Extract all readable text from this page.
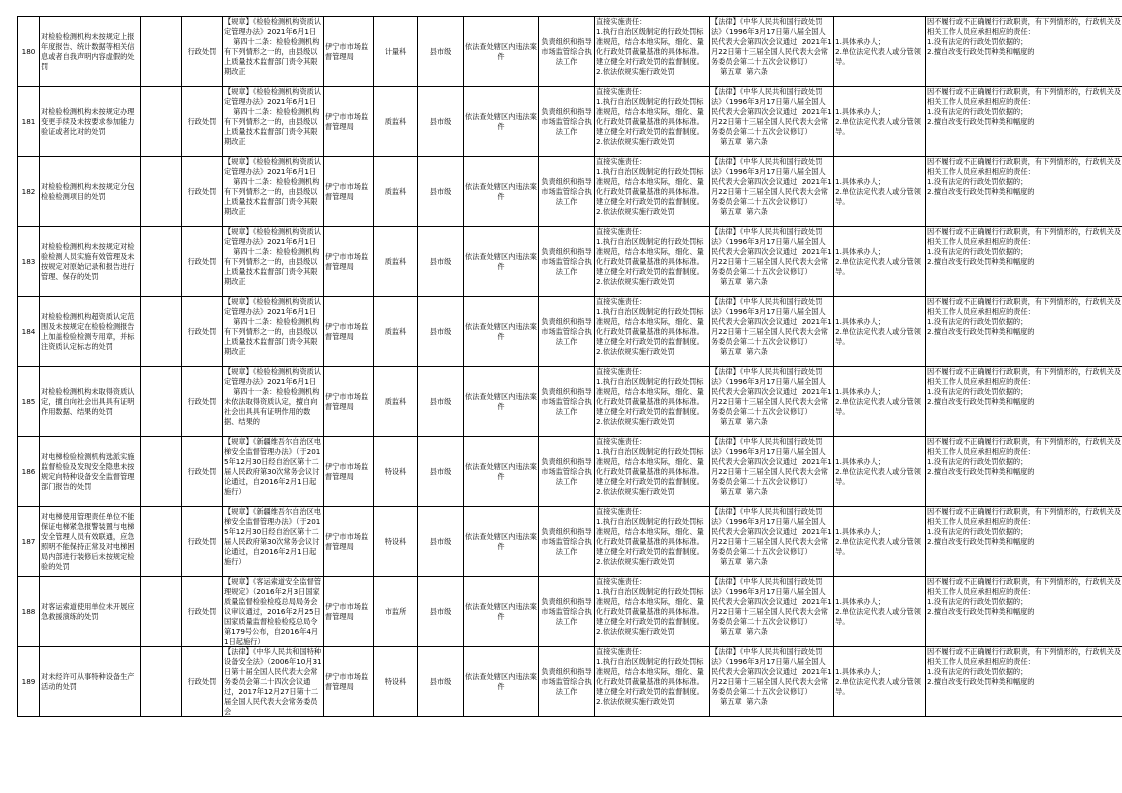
180	对检验检测机构未按规定上报年度报告、统计数据等相关信息或者自我声明内容虚假的处罚		行政处罚	【规章】《检验检测机构资质认定管理办法》2021年6月1日
第四十二条：检验检测机构有下列情形之一的，由县级以上质量技术监督部门责令其限期改正	伊宁市市场监督管理局	计量科	县市级	依法查处辖区内违法案件	负责组织和指导市场监管综合执法工作	直接实施责任：
1.执行自治区级制定的行政处罚标准规范，结合本地实际，细化、量化行政处罚裁量基准的具体标准。建立健全对行政处罚的监督制度。
2.依法依规实施行政处罚	【法律】《中华人民共和国行政处罚法》（1996年3月17日第八届全国人民代表大会第四次会议通过  2021年1月22日第十三届全国人民代表大会常务委员会第二十五次会议修订）
第五章  第六条	1.具体承办人；
2.单位法定代表人或分管领导。	因不履行或不正确履行行政职责，有下列情形的，行政机关及相关工作人员应承担相应的责任：
1.没有法定的行政处罚依据的；
2.擅自改变行政处罚种类和幅度的

181	对检验检测机构未按规定办理变更手续及未按要求参加能力验证或者比对的处罚		行政处罚	【规章】《检验检测机构资质认定管理办法》2021年6月1日
第四十二条：检验检测机构有下列情形之一的，由县级以上质量技术监督部门责令其限期改正	伊宁市市场监督管理局	质监科	县市级	依法查处辖区内违法案件	负责组织和指导市场监管综合执法工作	直接实施责任：
1.执行自治区级制定的行政处罚标准规范，结合本地实际，细化、量化行政处罚裁量基准的具体标准。建立健全对行政处罚的监督制度。
2.依法依规实施行政处罚	【法律】《中华人民共和国行政处罚法》（1996年3月17日第八届全国人民代表大会第四次会议通过  2021年1月22日第十三届全国人民代表大会常务委员会第二十五次会议修订）
第五章  第六条	1.具体承办人；
2.单位法定代表人或分管领导。	因不履行或不正确履行行政职责，有下列情形的，行政机关及相关工作人员应承担相应的责任：
1.没有法定的行政处罚依据的；
2.擅自改变行政处罚种类和幅度的

182	对检验检测机构未按规定分包检验检测项目的处罚		行政处罚	【规章】《检验检测机构资质认定管理办法》2021年6月1日
第四十二条：检验检测机构有下列情形之一的，由县级以上质量技术监督部门责令其限期改正	伊宁市市场监督管理局	质监科	县市级	依法查处辖区内违法案件	负责组织和指导市场监管综合执法工作	直接实施责任：
1.执行自治区级制定的行政处罚标准规范，结合本地实际，细化、量化行政处罚裁量基准的具体标准。建立健全对行政处罚的监督制度。
2.依法依规实施行政处罚	【法律】《中华人民共和国行政处罚法》（1996年3月17日第八届全国人民代表大会第四次会议通过  2021年1月22日第十三届全国人民代表大会常务委员会第二十五次会议修订）
第五章  第六条	1.具体承办人；
2.单位法定代表人或分管领导。	因不履行或不正确履行行政职责，有下列情形的，行政机关及相关工作人员应承担相应的责任：
1.没有法定的行政处罚依据的；
2.擅自改变行政处罚种类和幅度的

183	对检验检测机构未按规定对检验检测人员实施有效管理及未按规定对原始记录和报告进行管理、保存的处罚		行政处罚	【规章】《检验检测机构资质认定管理办法》2021年6月1日
第四十二条：检验检测机构有下列情形之一的，由县级以上质量技术监督部门责令其限期改正	伊宁市市场监督管理局	质监科	县市级	依法查处辖区内违法案件	负责组织和指导市场监管综合执法工作	直接实施责任：
1.执行自治区级制定的行政处罚标准规范，结合本地实际，细化、量化行政处罚裁量基准的具体标准。建立健全对行政处罚的监督制度。
2.依法依规实施行政处罚	【法律】《中华人民共和国行政处罚法》（1996年3月17日第八届全国人民代表大会第四次会议通过  2021年1月22日第十三届全国人民代表大会常务委员会第二十五次会议修订）
第五章  第六条	1.具体承办人；
2.单位法定代表人或分管领导。	因不履行或不正确履行行政职责，有下列情形的，行政机关及相关工作人员应承担相应的责任：
1.没有法定的行政处罚依据的；
2.擅自改变行政处罚种类和幅度的

184	对检验检测机构超资质认定范围及未按规定在检验检测报告上加盖检验检测专用章，并标注资质认定标志的处罚		行政处罚	【规章】《检验检测机构资质认定管理办法》2021年6月1日
第四十二条：检验检测机构有下列情形之一的，由县级以上质量技术监督部门责令其限期改正	伊宁市市场监督管理局	质监科	县市级	依法查处辖区内违法案件	负责组织和指导市场监管综合执法工作	直接实施责任：
1.执行自治区级制定的行政处罚标准规范，结合本地实际，细化、量化行政处罚裁量基准的具体标准。建立健全对行政处罚的监督制度。
2.依法依规实施行政处罚	【法律】《中华人民共和国行政处罚法》（1996年3月17日第八届全国人民代表大会第四次会议通过  2021年1月22日第十三届全国人民代表大会常务委员会第二十五次会议修订）
第五章  第六条	1.具体承办人；
2.单位法定代表人或分管领导。	因不履行或不正确履行行政职责，有下列情形的，行政机关及相关工作人员应承担相应的责任：
1.没有法定的行政处罚依据的；
2.擅自改变行政处罚种类和幅度的

185	对检验检测机构未取得资质认定，擅自向社会出具具有证明作用数据、结果的处罚		行政处罚	【规章】《检验检测机构资质认定管理办法》2021年6月1日
第四十一条：检验检测机构未依法取得资质认定，擅自向社会出具具有证明作用的数据、结果的	伊宁市市场监督管理局	质监科	县市级	依法查处辖区内违法案件	负责组织和指导市场监管综合执法工作	直接实施责任：
1.执行自治区级制定的行政处罚标准规范，结合本地实际，细化、量化行政处罚裁量基准的具体标准。建立健全对行政处罚的监督制度。
2.依法依规实施行政处罚	【法律】《中华人民共和国行政处罚法》（1996年3月17日第八届全国人民代表大会第四次会议通过  2021年1月22日第十三届全国人民代表大会常务委员会第二十五次会议修订）
第五章  第六条	1.具体承办人；
2.单位法定代表人或分管领导。	因不履行或不正确履行行政职责，有下列情形的，行政机关及相关工作人员应承担相应的责任：
1.没有法定的行政处罚依据的；
2.擅自改变行政处罚种类和幅度的

186	对电梯检验检测机构选派实施监督检验及发现安全隐患未按规定向特种设备安全监督管理部门报告的处罚		行政处罚	【规章】《新疆维吾尔自治区电梯安全监督管理办法》（于2015年12月30日经自治区第十二届人民政府第30次常务会议讨论通过，自2016年2月1日起施行）	伊宁市市场监督管理局	特设科	县市级	依法查处辖区内违法案件	负责组织和指导市场监管综合执法工作	直接实施责任：
1.执行自治区级制定的行政处罚标准规范，结合本地实际，细化、量化行政处罚裁量基准的具体标准。建立健全对行政处罚的监督制度。
2.依法依规实施行政处罚	【法律】《中华人民共和国行政处罚法》（1996年3月17日第八届全国人民代表大会第四次会议通过  2021年1月22日第十三届全国人民代表大会常务委员会第二十五次会议修订）
第五章  第六条	1.具体承办人；
2.单位法定代表人或分管领导。	因不履行或不正确履行行政职责，有下列情形的，行政机关及相关工作人员应承担相应的责任：
1.没有法定的行政处罚依据的；
2.擅自改变行政处罚种类和幅度的

187	对电梯使用管理责任单位不能保证电梯紧急报警装置与电梯安全管理人员有效联通，应急照明不能保持正常及对电梯困局内部进行装修后未按规定检验的处罚		行政处罚	【规章】《新疆维吾尔自治区电梯安全监督管理办法》（于2015年12月30日经自治区第十二届人民政府第30次常务会议讨论通过，自2016年2月1日起施行）	伊宁市市场监督管理局	特设科	县市级	依法查处辖区内违法案件	负责组织和指导市场监管综合执法工作	直接实施责任：
1.执行自治区级制定的行政处罚标准规范，结合本地实际，细化、量化行政处罚裁量基准的具体标准。建立健全对行政处罚的监督制度。
2.依法依规实施行政处罚	【法律】《中华人民共和国行政处罚法》（1996年3月17日第八届全国人民代表大会第四次会议通过  2021年1月22日第十三届全国人民代表大会常务委员会第二十五次会议修订）
第五章  第六条	1.具体承办人；
2.单位法定代表人或分管领导。	因不履行或不正确履行行政职责，有下列情形的，行政机关及相关工作人员应承担相应的责任：
1.没有法定的行政处罚依据的；
2.擅自改变行政处罚种类和幅度的

188	对客运索道使用单位未开展应急救援演练的处罚		行政处罚	【规章】《客运索道安全监督管理规定》（2016年2月3日国家质量监督检验检疫总局局务会议审议通过，2016年2月25日国家质量监督检验检疫总局令第179号公布，自2016年4月1日起施行）	伊宁市市场监督管理局	市监所	县市级	依法查处辖区内违法案件	负责组织和指导市场监管综合执法工作	直接实施责任：
1.执行自治区级制定的行政处罚标准规范，结合本地实际，细化、量化行政处罚裁量基准的具体标准。建立健全对行政处罚的监督制度。
2.依法依规实施行政处罚	【法律】《中华人民共和国行政处罚法》（1996年3月17日第八届全国人民代表大会第四次会议通过  2021年1月22日第十三届全国人民代表大会常务委员会第二十五次会议修订）
第五章  第六条	1.具体承办人；
2.单位法定代表人或分管领导。	因不履行或不正确履行行政职责，有下列情形的，行政机关及相关工作人员应承担相应的责任：
1.没有法定的行政处罚依据的；
2.擅自改变行政处罚种类和幅度的

189	对未经许可从事特种设备生产活动的处罚		行政处罚	【法律】《中华人民共和国特种设备安全法》（2006年10月31日第十届全国人民代表大会常务委员会第二十四次会议通过，2017年12月27日第十二届全国人民代表大会常务委员会	伊宁市市场监督管理局	特设科	县市级	依法查处辖区内违法案件	负责组织和指导市场监管综合执法工作	直接实施责任：
1.执行自治区级制定的行政处罚标准规范，结合本地实际，细化、量化行政处罚裁量基准的具体标准。建立健全对行政处罚的监督制度。
2.依法依规实施行政处罚	【法律】《中华人民共和国行政处罚法》（1996年3月17日第八届全国人民代表大会第四次会议通过  2021年1月22日第十三届全国人民代表大会常务委员会第二十五次会议修订）
第五章  第六条	1.具体承办人；
2.单位法定代表人或分管领导。	因不履行或不正确履行行政职责，有下列情形的，行政机关及相关工作人员应承担相应的责任：
1.没有法定的行政处罚依据的；
2.擅自改变行政处罚种类和幅度的
